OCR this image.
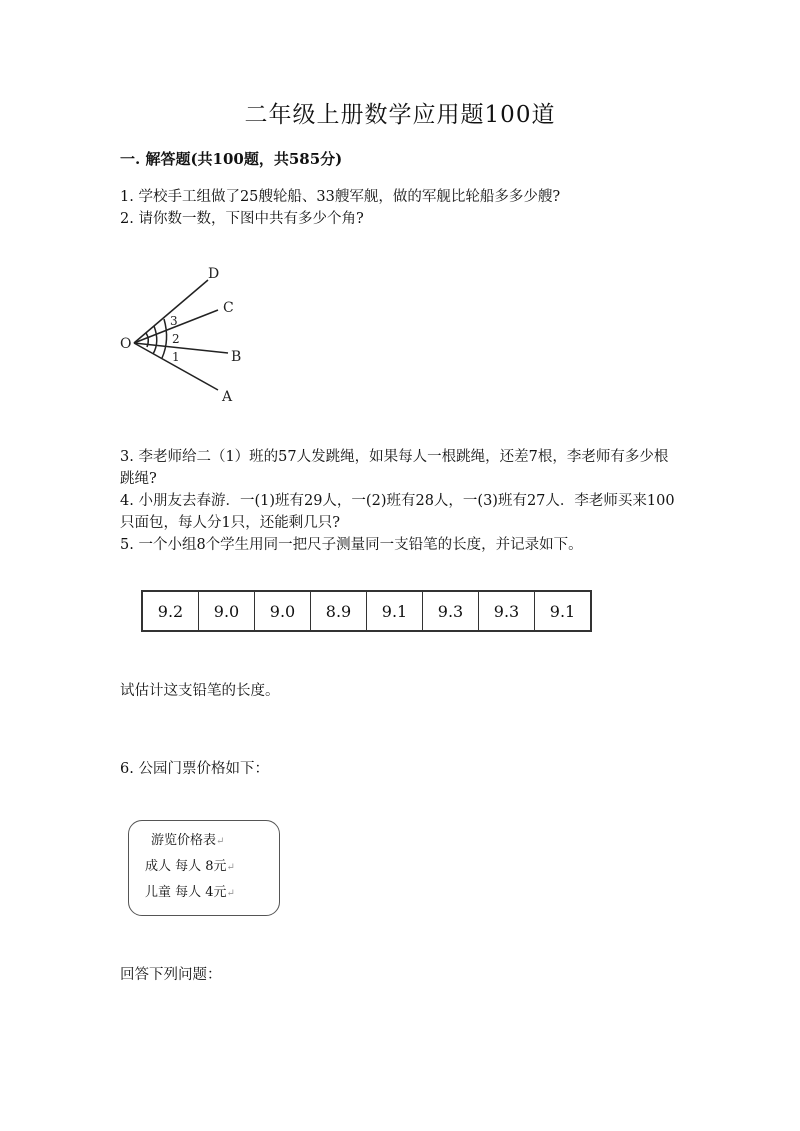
二年级上册数学应用题100道
一. 解答题(共100题，共585分)
1. 学校手工组做了25艘轮船、33艘军舰，做的军舰比轮船多多少艘?
2. 请你数一数，下图中共有多少个角?
O
D
C
B
A
3
2
1
3. 李老师给二（1）班的57人发跳绳，如果每人一根跳绳，还差7根，李老师有多少根跳绳?
4. 小朋友去春游．一(1)班有29人，一(2)班有28人，一(3)班有27人．李老师买来100只面包，每人分1只，还能剩几只?
5. 一个小组8个学生用同一把尺子测量同一支铅笔的长度，并记录如下。
9.2	9.0	9.0	8.9	9.1	9.3	9.3	9.1
试估计这支铅笔的长度。
6. 公园门票价格如下：
游览价格表↵
成人 每人 8元↵
儿童 每人 4元↵
回答下列问题：
